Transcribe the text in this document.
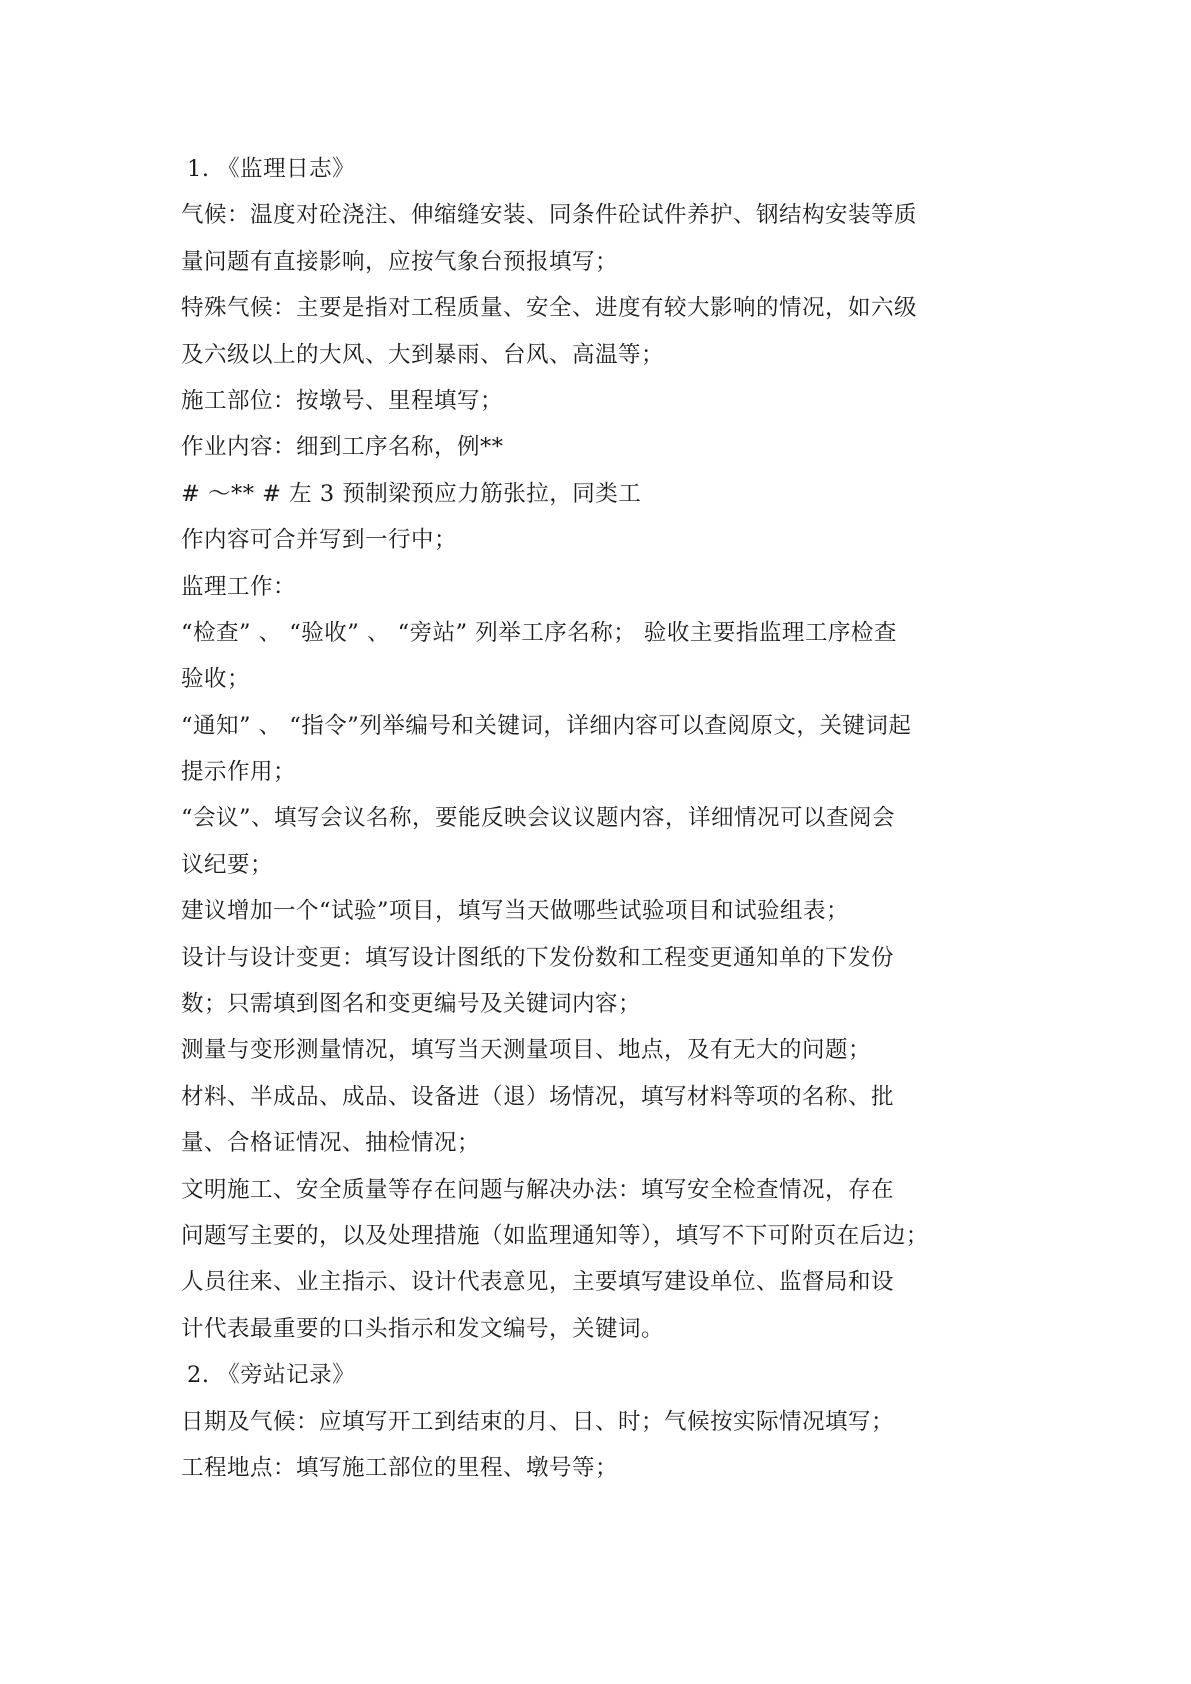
1. 《监理日志》
气候：温度对砼浇注、伸缩缝安装、同条件砼试件养护、钢结构安装等质
量问题有直接影响，应按气象台预报填写；
特殊气候：主要是指对工程质量、安全、进度有较大影响的情况，如六级
及六级以上的大风、大到暴雨、台风、高温等；
施工部位：按墩号、里程填写；
作业内容：细到工序名称，例**
# ～** # 左 3 预制梁预应力筋张拉，同类工
作内容可合并写到一行中；
监理工作：
“检查” 、 “验收” 、 “旁站” 列举工序名称； 验收主要指监理工序检查
验收；
“通知” 、 “指令”列举编号和关键词，详细内容可以查阅原文，关键词起
提示作用；
“会议”、填写会议名称，要能反映会议议题内容，详细情况可以查阅会
议纪要；
建议增加一个“试验”项目，填写当天做哪些试验项目和试验组表；
设计与设计变更：填写设计图纸的下发份数和工程变更通知单的下发份
数；只需填到图名和变更编号及关键词内容；
测量与变形测量情况，填写当天测量项目、地点，及有无大的问题；
材料、半成品、成品、设备进（退）场情况，填写材料等项的名称、批
量、合格证情况、抽检情况；
文明施工、安全质量等存在问题与解决办法：填写安全检查情况，存在
问题写主要的，以及处理措施（如监理通知等），填写不下可附页在后边；
人员往来、业主指示、设计代表意见，主要填写建设单位、监督局和设
计代表最重要的口头指示和发文编号，关键词。
2. 《旁站记录》
日期及气候：应填写开工到结束的月、日、时；气候按实际情况填写；
工程地点：填写施工部位的里程、墩号等；
